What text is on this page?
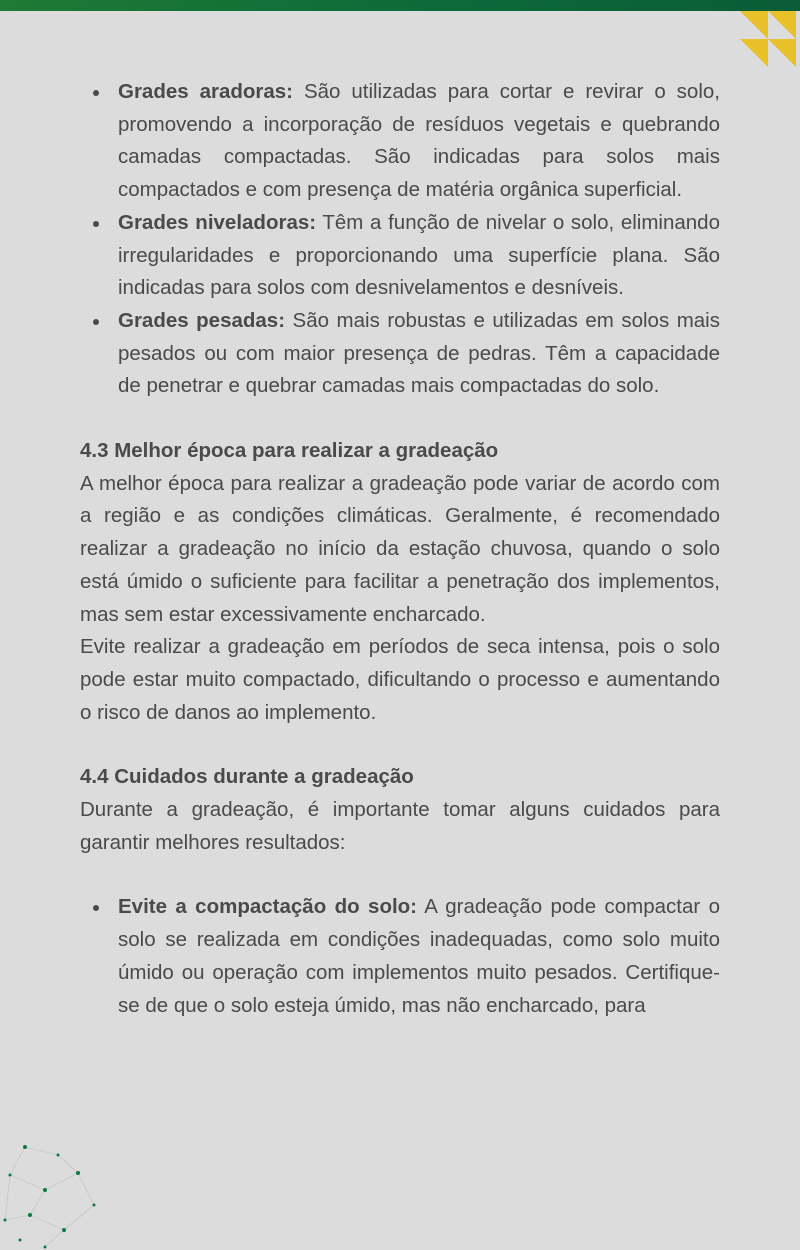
Grades aradoras: São utilizadas para cortar e revirar o solo, promovendo a incorporação de resíduos vegetais e quebrando camadas compactadas. São indicadas para solos mais compactados e com presença de matéria orgânica superficial.
Grades niveladoras: Têm a função de nivelar o solo, eliminando irregularidades e proporcionando uma superfície plana. São indicadas para solos com desnivelamentos e desníveis.
Grades pesadas: São mais robustas e utilizadas em solos mais pesados ou com maior presença de pedras. Têm a capacidade de penetrar e quebrar camadas mais compactadas do solo.
4.3 Melhor época para realizar a gradeação

A melhor época para realizar a gradeação pode variar de acordo com a região e as condições climáticas. Geralmente, é recomendado realizar a gradeação no início da estação chuvosa, quando o solo está úmido o suficiente para facilitar a penetração dos implementos, mas sem estar excessivamente encharcado.

Evite realizar a gradeação em períodos de seca intensa, pois o solo pode estar muito compactado, dificultando o processo e aumentando o risco de danos ao implemento.

4.4 Cuidados durante a gradeação

Durante a gradeação, é importante tomar alguns cuidados para garantir melhores resultados:

Evite a compactação do solo: A gradeação pode compactar o solo se realizada em condições inadequadas, como solo muito úmido ou operação com implementos muito pesados. Certifique-se de que o solo esteja úmido, mas não encharcado, para
